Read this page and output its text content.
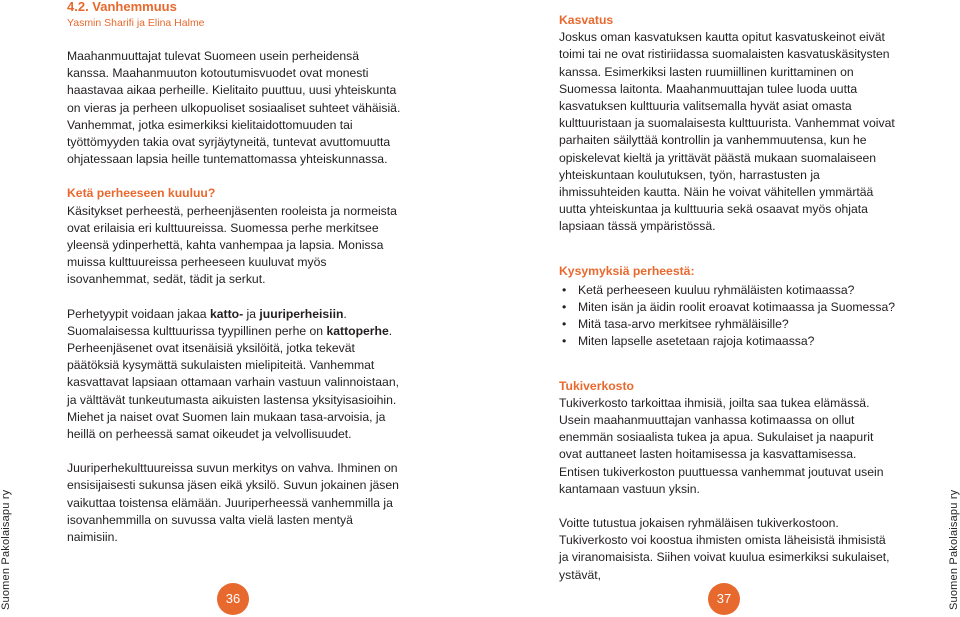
Suomen Pakolaisapu ry
4.2. Vanhemmuus
Yasmin Sharifi ja Elina Halme

Maahanmuuttajat tulevat Suomeen usein perheidensä kanssa. Maahanmuuton kotoutumisvuodet ovat monesti haastavaa aikaa perheille. Kielitaito puuttuu, uusi yhteiskunta on vieras ja perheen ulkopuoliset sosiaaliset suhteet vähäisiä.

Vanhemmat, jotka esimerkiksi kielitaidottomuuden tai työttömyyden takia ovat syrjäytyneitä, tuntevat avuttomuutta ohjatessaan lapsia heille tuntemattomassa yhteiskunnassa.

Ketä perheeseen kuuluu?

Käsitykset perheestä, perheenjäsenten rooleista ja normeista ovat erilaisia eri kulttuureissa. Suomessa perhe merkitsee yleensä ydinperhettä, kahta vanhempaa ja lapsia. Monissa muissa kulttuureissa perheeseen kuuluvat myös isovanhemmat, sedät, tädit ja serkut.

Perhetyypit voidaan jakaa katto- ja juuriperheisiin. Suomalaisessa kulttuurissa tyypillinen perhe on kattoperhe. Perheenjäsenet ovat itsenäisiä yksilöitä, jotka tekevät päätöksiä kysymättä sukulaisten mielipiteitä. Vanhemmat kasvattavat lapsiaan ottamaan varhain vastuun valinnoistaan, ja välttävät tunkeutumasta aikuisten lastensa yksityisasioihin. Miehet ja naiset ovat Suomen lain mukaan tasa-arvoisia, ja heillä on perheessä samat oikeudet ja velvollisuudet.

Juuriperhekulttuureissa suvun merkitys on vahva. Ihminen on ensisijaisesti sukunsa jäsen eikä yksilö. Suvun jokainen jäsen vaikuttaa toistensa elämään. Juuriperheessä vanhemmilla ja isovanhemmilla on suvussa valta vielä lasten mentyä naimisiin.

36

Kasvatus

Joskus oman kasvatuksen kautta opitut kasvatuskeinot eivät toimi tai ne ovat ristiriidassa suomalaisten kasvatuskäsitysten kanssa. Esimerkiksi lasten ruumiillinen kurittaminen on Suomessa laitonta. Maahanmuuttajan tulee luoda uutta kasvatuksen kulttuuria valitsemalla hyvät asiat omasta kulttuuristaan ja suomalaisesta kulttuurista. Vanhemmat voivat parhaiten säilyttää kontrollin ja vanhemmuutensa, kun he opiskelevat kieltä ja yrittävät päästä mukaan suomalaiseen yhteiskuntaan koulutuksen, työn, harrastusten ja ihmissuhteiden kautta. Näin he voivat vähitellen ymmärtää uutta yhteiskuntaa ja kulttuuria sekä osaavat myös ohjata lapsiaan tässä ympäristössä.

Kysymyksiä perheestä:

• Ketä perheeseen kuuluu ryhmäläisten kotimaassa?
• Miten isän ja äidin roolit eroavat kotimaassa ja Suomessa?
• Mitä tasa-arvo merkitsee ryhmäläisille?
• Miten lapselle asetetaan rajoja kotimaassa?

Tukiverkosto

Tukiverkosto tarkoittaa ihmisiä, joilta saa tukea elämässä. Usein maahanmuuttajan vanhassa kotimaassa on ollut enemmän sosiaalista tukea ja apua. Sukulaiset ja naapurit ovat auttaneet lasten hoitamisessa ja kasvattamisessa. Entisen tukiverkoston puuttuessa vanhemmat joutuvat usein kantamaan vastuun yksin.

Voitte tutustua jokaisen ryhmäläisen tukiverkostoon. Tukiverkosto voi koostua ihmisten omista läheisistä ihmisistä ja viranomaisista. Siihen voivat kuulua esimerkiksi sukulaiset, ystävät,

37	Suomen Pakolaisapu ry
